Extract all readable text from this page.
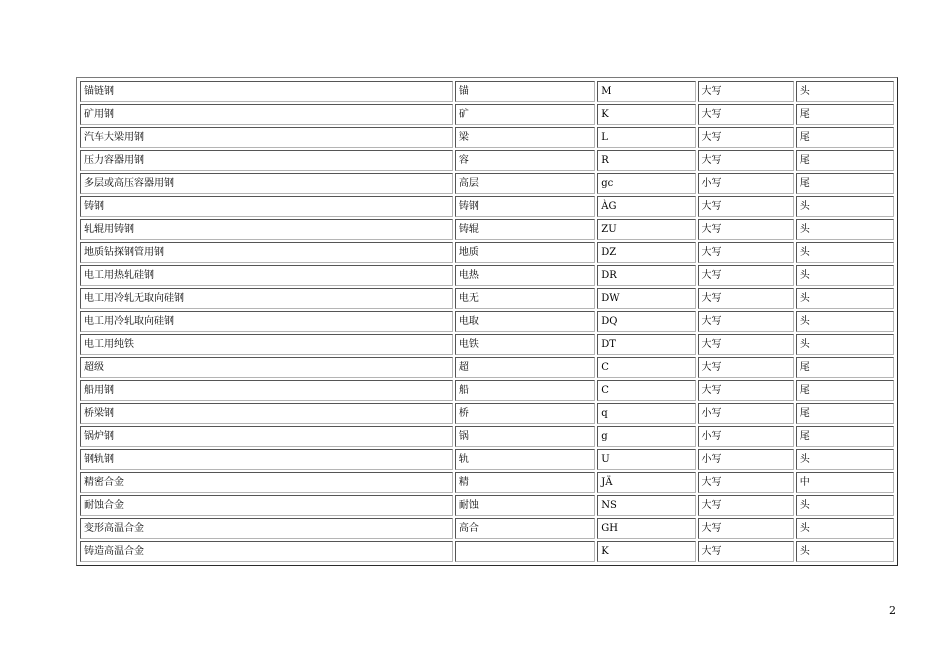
锚链钢	锚	M	大写	头
矿用钢	矿	K	大写	尾
汽车大梁用钢	梁	L	大写	尾
压力容器用钢	容	R	大写	尾
多层或高压容器用钢	高层	gc	小写	尾
铸钢	铸钢	ÀG	大写	头
轧辊用铸钢	铸辊	ZU	大写	头
地质钻探钢管用钢	地质	DZ	大写	头
电工用热轧硅钢	电热	DR	大写	头
电工用冷轧无取向硅钢	电无	DW	大写	头
电工用冷轧取向硅钢	电取	DQ	大写	头
电工用纯铁	电铁	DT	大写	头
超级	超	C	大写	尾
船用钢	船	C	大写	尾
桥梁钢	桥	q	小写	尾
锅炉钢	锅	g	小写	尾
钢轨钢	轨	U	小写	头
精密合金	精	JÄ	大写	中
耐蚀合金	耐蚀	NS	大写	头
变形高温合金	高合	GH	大写	头
铸造高温合金		K	大写	头
2
